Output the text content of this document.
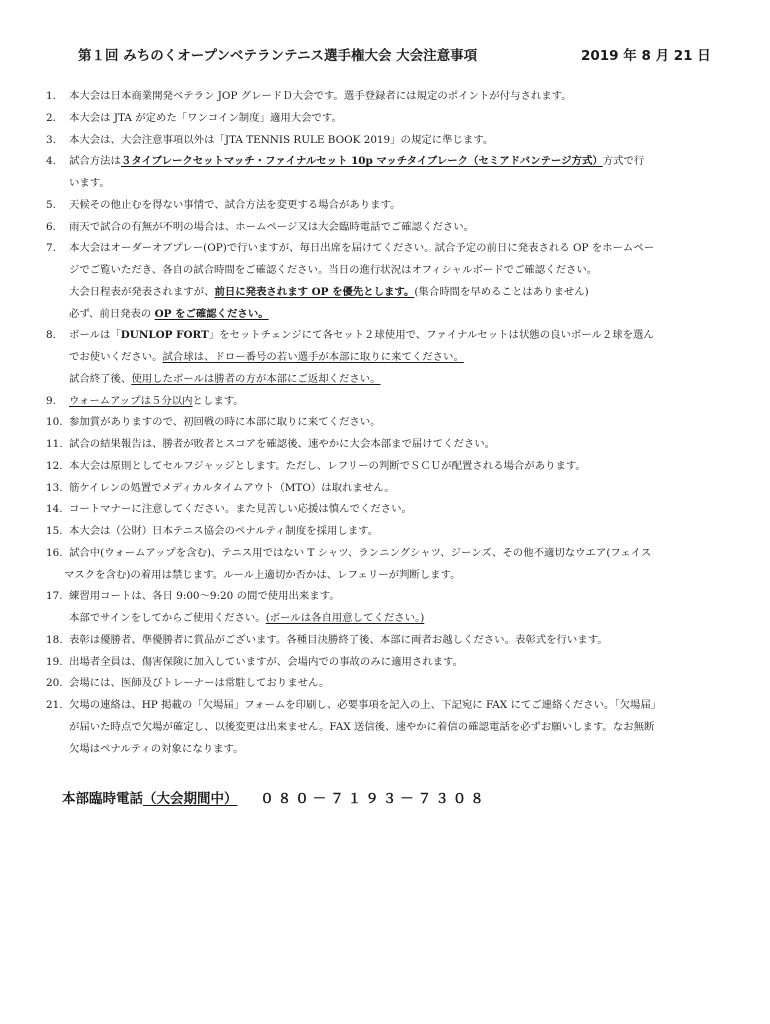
第１回 みちのくオープンベテランテニス選手権大会 大会注意事項	2019 年 8 月 21 日
1.	本大会は日本商業開発ベテラン JOP グレードＤ大会です。選手登録者には規定のポイントが付与されます。
2.	本大会は JTA が定めた「ワンコイン制度」適用大会です。
3.	本大会は、大会注意事項以外は「JTA TENNIS RULE BOOK 2019」の規定に準じます。
4.	試合方法は３タイブレークセットマッチ・ファイナルセット 10p マッチタイブレーク（セミアドバンテージ方式）方式で行
います。
5.	天候その他止むを得ない事情で、試合方法を変更する場合があります。
6.	雨天で試合の有無が不明の場合は、ホームページ又は大会臨時電話でご確認ください。
7.	本大会はオーダーオブプレー(OP)で行いますが、毎日出席を届けてください。試合予定の前日に発表される OP をホームペー
ジでご覧いただき、各自の試合時間をご確認ください。当日の進行状況はオフィシャルボードでご確認ください。
大会日程表が発表されますが、前日に発表されます OP を優先とします。(集合時間を早めることはありません)
必ず、前日発表の OP をご確認ください。
8.	ボールは「DUNLOP FORT」をセットチェンジにて各セット２球使用で、ファイナルセットは状態の良いボール２球を選ん
でお使いください。試合球は、ドロー番号の若い選手が本部に取りに来てください。
試合終了後、使用したボールは勝者の方が本部にご返却ください。
9.	ウォームアップは５分以内とします。
10. 参加賞がありますので、初回戦の時に本部に取りに来てください。
11. 試合の結果報告は、勝者が敗者とスコアを確認後、速やかに大会本部まで届けてください。
12. 本大会は原則としてセルフジャッジとします。ただし、レフリーの判断でＳＣＵが配置される場合があります。
13. 筋ケイレンの処置でメディカルタイムアウト（MTO）は取れません。
14. コートマナーに注意してください。また見苦しい応援は慎んでください。
15. 本大会は（公財）日本テニス協会のペナルティ制度を採用します。
16. 試合中(ウォームアップを含む)、テニス用ではない T シャツ、ランニングシャツ、ジーンズ、その他不適切なウエア(フェイス
マスクを含む)の着用は禁じます。ルール上適切か否かは、レフェリーが判断します。
17. 練習用コートは、各日 9:00～9:20 の間で使用出来ます。
本部でサインをしてからご使用ください。(ボールは各自用意してください。)
18. 表彰は優勝者、準優勝者に賞品がございます。各種目決勝終了後、本部に両者お越しください。表彰式を行います。
19. 出場者全員は、傷害保険に加入していますが、会場内での事故のみに適用されます。
20. 会場には、医師及びトレーナーは常駐しておりません。
21. 欠場の連絡は、HP 掲載の「欠場届」フォームを印刷し、必要事項を記入の上、下記宛に FAX にてご連絡ください。「欠場届」
が届いた時点で欠場が確定し、以後変更は出来ません。FAX 送信後、速やかに着信の確認電話を必ずお願いします。なお無断
欠場はペナルティの対象になります。
本部臨時電話（大会期間中） ０８０－７１９３－７３０８
